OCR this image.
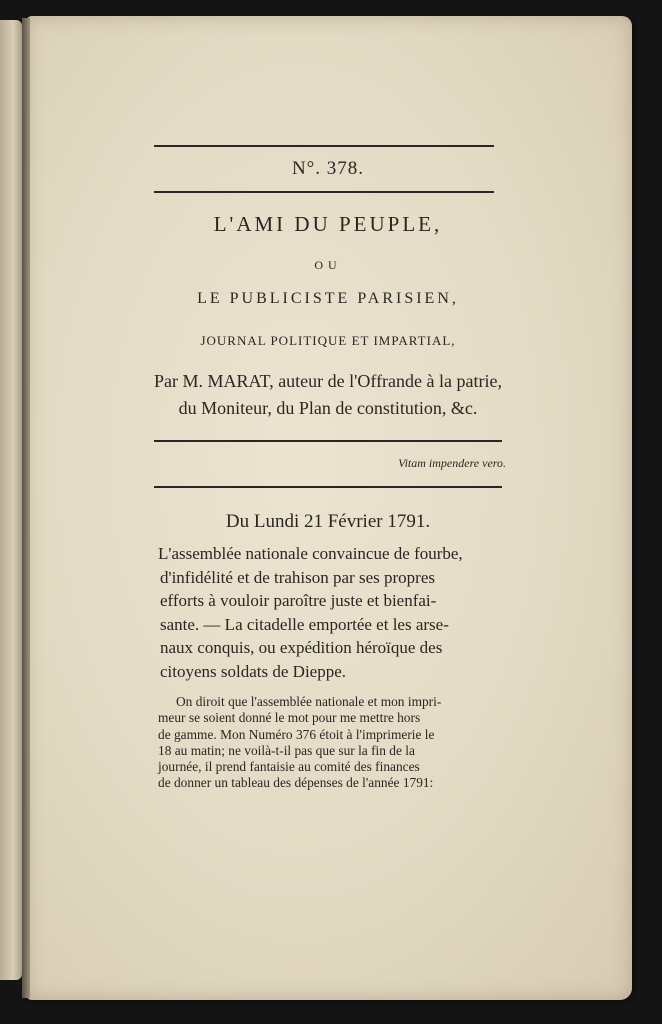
N°. 378.
L'AMI DU PEUPLE,
OU
LE PUBLICISTE PARISIEN,
JOURNAL POLITIQUE ET IMPARTIAL,
Par M. MARAT, auteur de l'Offrande à la patrie,
du Moniteur, du Plan de constitution, &c.
Vitam impendere vero.
Du Lundi 21 Février 1791.
L'assemblée nationale convaincue de fourbe,
d'infidélité et de trahison par ses propres
efforts à vouloir paroître juste et bienfai-
sante. — La citadelle emportée et les arse-
naux conquis, ou expédition héroïque des
citoyens soldats de Dieppe.
On diroit que l'assemblée nationale et mon impri-
meur se soient donné le mot pour me mettre hors
de gamme. Mon Numéro 376 étoit à l'imprimerie le
18 au matin; ne voilà-t-il pas que sur la fin de la
journée, il prend fantaisie au comité des finances
de donner un tableau des dépenses de l'année 1791:
